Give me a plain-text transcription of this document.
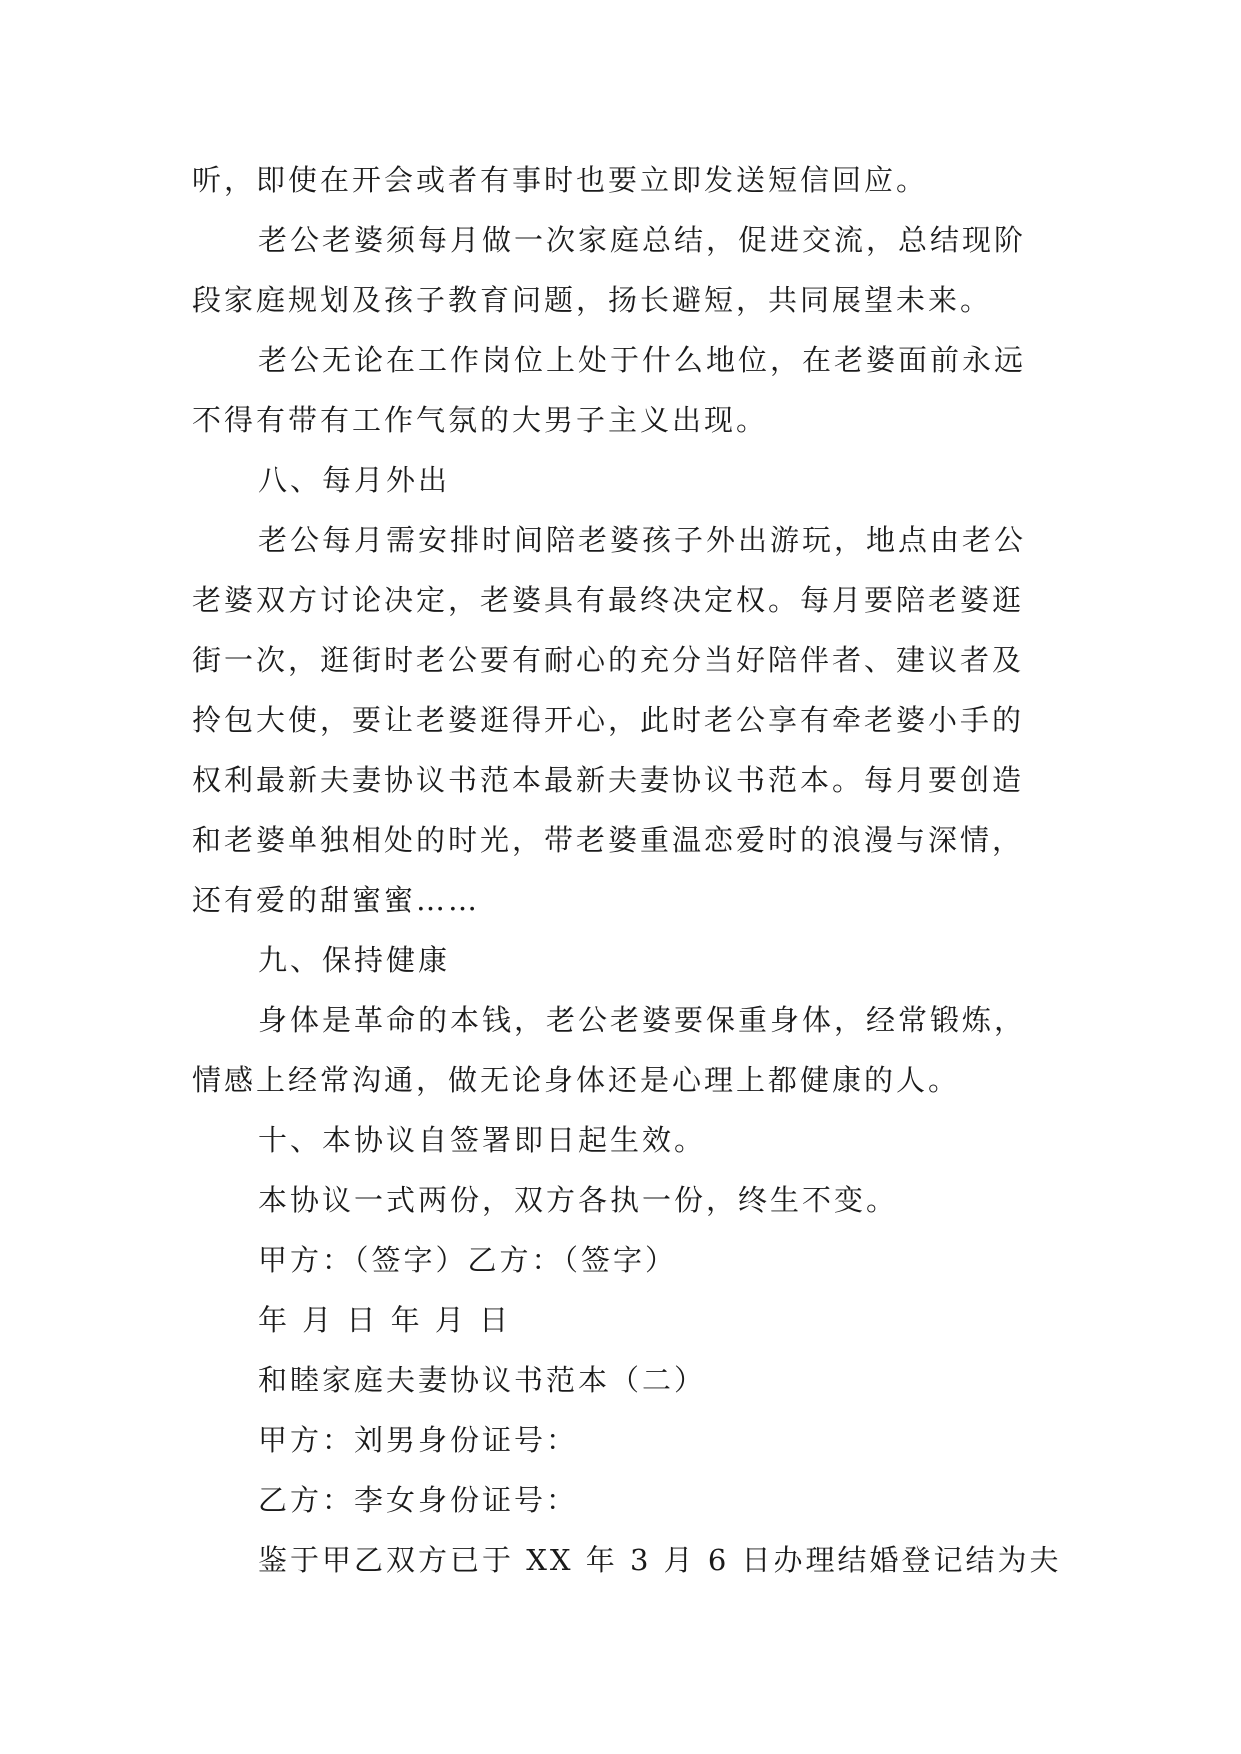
听，即使在开会或者有事时也要立即发送短信回应。
老公老婆须每月做一次家庭总结，促进交流，总结现阶
段家庭规划及孩子教育问题，扬长避短，共同展望未来。
老公无论在工作岗位上处于什么地位，在老婆面前永远
不得有带有工作气氛的大男子主义出现。
八、每月外出
老公每月需安排时间陪老婆孩子外出游玩，地点由老公
老婆双方讨论决定，老婆具有最终决定权。每月要陪老婆逛
街一次，逛街时老公要有耐心的充分当好陪伴者、建议者及
拎包大使，要让老婆逛得开心，此时老公享有牵老婆小手的
权利最新夫妻协议书范本最新夫妻协议书范本。每月要创造
和老婆单独相处的时光，带老婆重温恋爱时的浪漫与深情，
还有爱的甜蜜蜜……
九、保持健康
身体是革命的本钱，老公老婆要保重身体，经常锻炼，
情感上经常沟通，做无论身体还是心理上都健康的人。
十、本协议自签署即日起生效。
本协议一式两份，双方各执一份，终生不变。
甲方：（签字）乙方：（签字）
年 月 日 年 月 日
和睦家庭夫妻协议书范本（二）
甲方：刘男身份证号：
乙方：李女身份证号：
鉴于甲乙双方已于 XX 年 3 月 6 日办理结婚登记结为夫
